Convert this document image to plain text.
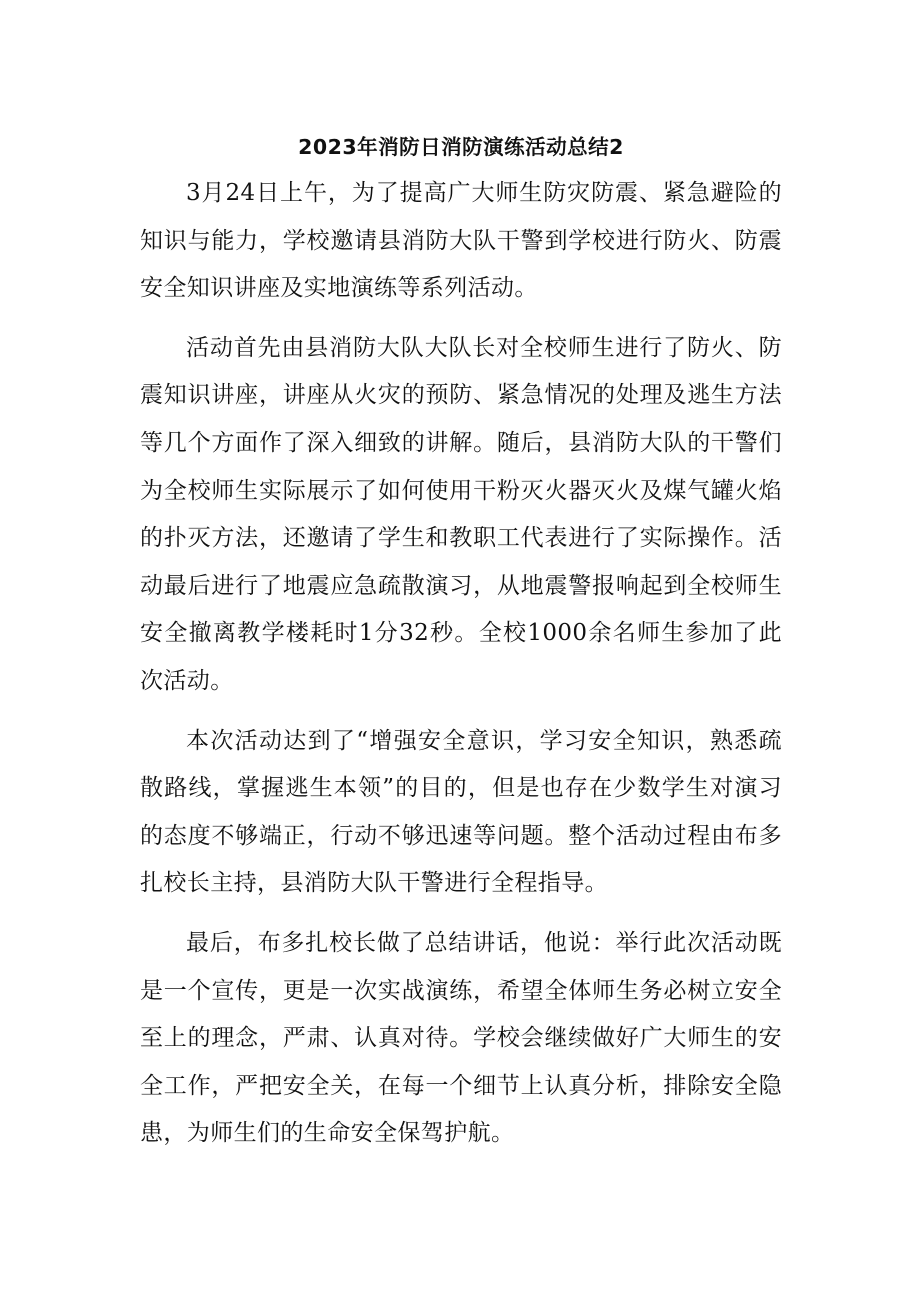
2023年消防日消防演练活动总结2

3月24日上午，为了提高广大师生防灾防震、紧急避险的知识与能力，学校邀请县消防大队干警到学校进行防火、防震安全知识讲座及实地演练等系列活动。

活动首先由县消防大队大队长对全校师生进行了防火、防震知识讲座，讲座从火灾的预防、紧急情况的处理及逃生方法等几个方面作了深入细致的讲解。随后，县消防大队的干警们为全校师生实际展示了如何使用干粉灭火器灭火及煤气罐火焰的扑灭方法，还邀请了学生和教职工代表进行了实际操作。活动最后进行了地震应急疏散演习，从地震警报响起到全校师生安全撤离教学楼耗时1分32秒。全校1000余名师生参加了此次活动。

本次活动达到了“增强安全意识，学习安全知识，熟悉疏散路线，掌握逃生本领”的目的，但是也存在少数学生对演习的态度不够端正，行动不够迅速等问题。整个活动过程由布多扎校长主持，县消防大队干警进行全程指导。

最后，布多扎校长做了总结讲话，他说：举行此次活动既是一个宣传，更是一次实战演练，希望全体师生务必树立安全至上的理念，严肃、认真对待。学校会继续做好广大师生的安全工作，严把安全关，在每一个细节上认真分析，排除安全隐患，为师生们的生命安全保驾护航。
